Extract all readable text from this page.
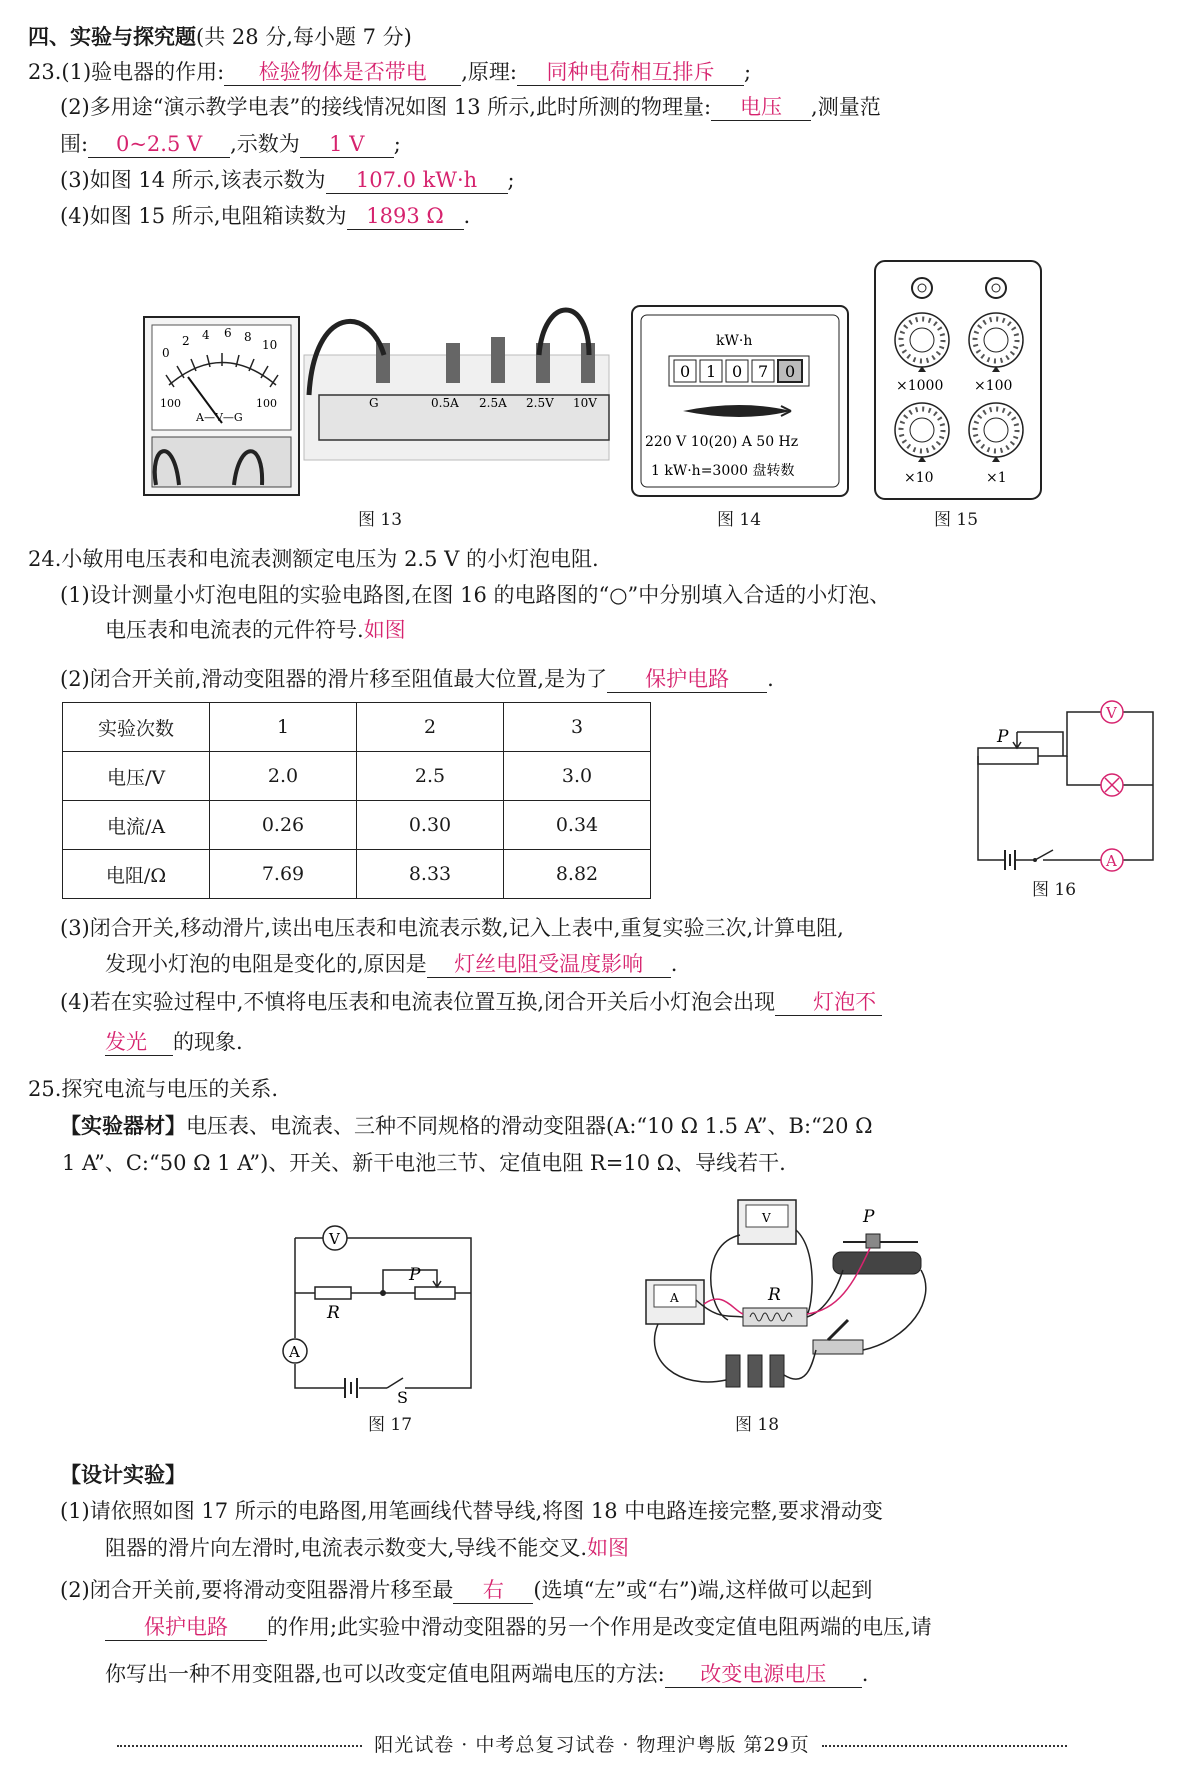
四、实验与探究题(共 28 分,每小题 7 分)
23.(1)验电器的作用: 检验物体是否带电 ,原理: 同种电荷相互排斥 ;
(2)多用途“演示教学电表”的接线情况如图 13 所示,此时所测的物理量: 电压 ,测量范
围: 0~2.5 V ,示数为 1 V ;
(3)如图 14 所示,该表示数为 107.0 kW·h ;
(4)如图 15 所示,电阻箱读数为 1893 Ω .
0
2 4 6 8
10
100	100
A—V—G
G	0.5A 2.5A 2.5V 10V
图 13
kW·h
0 1 0 7 0
220 V 10(20) A 50 Hz
1 kW·h=3000 盘转数
图 14
×1000 ×100
×10	×1
图 15
24.小敏用电压表和电流表测额定电压为 2.5 V 的小灯泡电阻.
(1)设计测量小灯泡电阻的实验电路图,在图 16 的电路图的“○”中分别填入合适的小灯泡、
电压表和电流表的元件符号.如图
(2)闭合开关前,滑动变阻器的滑片移至阻值最大位置,是为了 保护电路 .
实验次数	1	2	3
电压/V	2.0	2.5	3.0
电流/A	0.26	0.30	0.34
电阻/Ω	7.69	8.33	8.82
P
V
A
图 16
(3)闭合开关,移动滑片,读出电压表和电流表示数,记入上表中,重复实验三次,计算电阻,
发现小灯泡的电阻是变化的,原因是 灯丝电阻受温度影响 .
(4)若在实验过程中,不慎将电压表和电流表位置互换,闭合开关后小灯泡会出现 灯泡不
发光 的现象.
25.探究电流与电压的关系.
【实验器材】电压表、电流表、三种不同规格的滑动变阻器(A:“10 Ω 1.5 A”、B:“20 Ω
1 A”、C:“50 Ω 1 A”)、开关、新干电池三节、定值电阻 R=10 Ω、导线若干.
V
R
P
A
S
图 17
V
A	R
P
图 18
【设计实验】
(1)请依照如图 17 所示的电路图,用笔画线代替导线,将图 18 中电路连接完整,要求滑动变
阻器的滑片向左滑时,电流表示数变大,导线不能交叉.如图
(2)闭合开关前,要将滑动变阻器滑片移至最 右 (选填“左”或“右”)端,这样做可以起到
保护电路 的作用;此实验中滑动变阻器的另一个作用是改变定值电阻两端的电压,请
你写出一种不用变阻器,也可以改变定值电阻两端电压的方法: 改变电源电压 .
阳光试卷 · 中考总复习试卷 · 物理沪粤版 第29页
